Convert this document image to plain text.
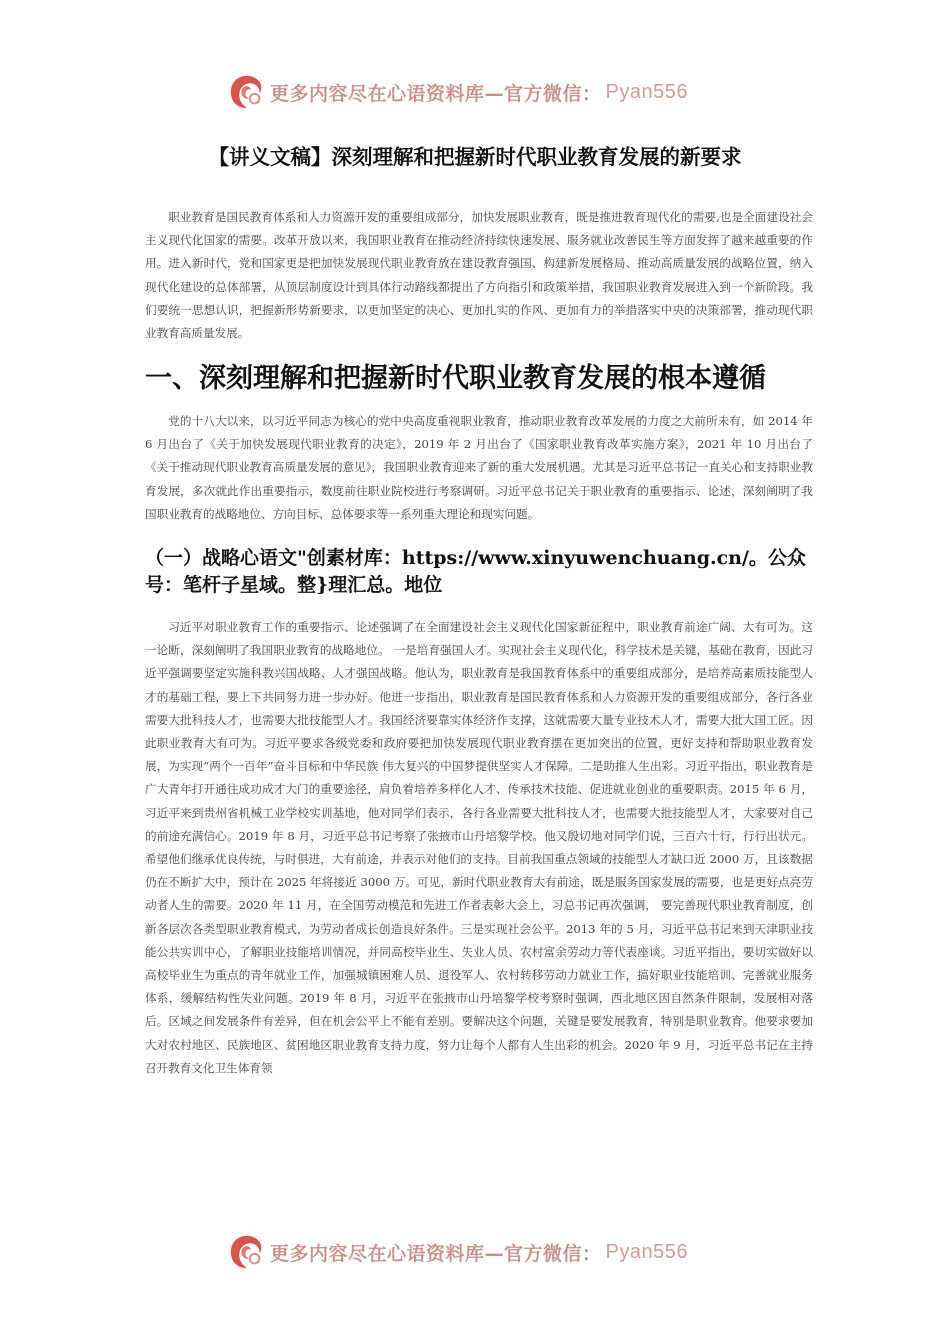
更多内容尽在心语资料库—官方微信： Pyan556
【讲义文稿】深刻理解和把握新时代职业教育发展的新要求

职业教育是国民教育体系和人力资源开发的重要组成部分，加快发展职业教育，既是推进教育现代化的需要,也是全面建设社会主义现代化国家的需要。改革开放以来，我国职业教育在推动经济持续快速发展、服务就业改善民生等方面发挥了越来越重要的作用。进入新时代，党和国家更是把加快发展现代职业教育放在建设教育强国、构建新发展格局、推动高质量发展的战略位置，纳入现代化建设的总体部署，从顶层制度设计到具体行动路线都提出了方向指引和政策举措，我国职业教育发展进入到一个新阶段。我们要统一思想认识，把握新形势新要求，以更加坚定的决心、更加扎实的作风、更加有力的举措落实中央的决策部署，推动现代职业教育高质量发展。

一、深刻理解和把握新时代职业教育发展的根本遵循

党的十八大以来，以习近平同志为核心的党中央高度重视职业教育，推动职业教育改革发展的力度之大前所未有，如 2014 年 6 月出台了《关于加快发展现代职业教育的决定》，2019 年 2 月出台了《国家职业教育改革实施方案》，2021 年 10 月出台了《关于推动现代职业教育高质量发展的意见》，我国职业教育迎来了新的重大发展机遇。尤其是习近平总书记一直关心和支持职业教育发展，多次就此作出重要指示，数度前往职业院校进行考察调研。习近平总书记关于职业教育的重要指示、论述，深刻阐明了我国职业教育的战略地位、方向目标、总体要求等一系列重大理论和现实问题。

（一）战略心语文"创素材库：https://www.xinyuwenchuang.cn/。公众号：笔杆子星域。整}理汇总。地位

习近平对职业教育工作的重要指示、论述强调了在全面建设社会主义现代化国家新征程中，职业教育前途广阔、大有可为。这一论断，深刻阐明了我国职业教育的战略地位。 一是培育强国人才。实现社会主义现代化，科学技术是关键，基础在教育，因此习近平强调要坚定实施科教兴国战略、人才强国战略。他认为，职业教育是我国教育体系中的重要组成部分，是培养高素质技能型人才的基础工程，要上下共同努力进一步办好。他进一步指出，职业教育是国民教育体系和人力资源开发的重要组成部分，各行各业需要大批科技人才，也需要大批技能型人才。我国经济要靠实体经济作支撑，这就需要大量专业技术人才，需要大批大国工匠。因此职业教育大有可为。习近平要求各级党委和政府要把加快发展现代职业教育摆在更加突出的位置，更好支持和帮助职业教育发展，为实现“两个一百年”奋斗目标和中华民族 伟大复兴的中国梦提供坚实人才保障。二是助推人生出彩。习近平指出，职业教育是广大青年打开通往成功成才大门的重要途径，肩负着培养多样化人才、传承技术技能、促进就业创业的重要职责。2015 年 6 月，习近平来到贵州省机械工业学校实训基地，他对同学们表示，各行各业需要大批科技人才，也需要大批技能型人才，大家要对自己的前途充满信心。2019 年 8 月，习近平总书记考察了张掖市山丹培黎学校。他又殷切地对同学们说，三百六十行，行行出状元。希望他们继承优良传统，与时俱进，大有前途，并表示对他们的支持。目前我国重点领域的技能型人才缺口近 2000 万，且该数据仍在不断扩大中，预计在 2025 年将接近 3000 万。可见，新时代职业教育大有前途，既是服务国家发展的需要，也是更好点亮劳动者人生的需要。2020 年 11 月，在全国劳动模范和先进工作者表彰大会上，习总书记再次强调， 要完善现代职业教育制度，创新各层次各类型职业教育模式，为劳动者成长创造良好条件。三是实现社会公平。2013 年的 5 月，习近平总书记来到天津职业技能公共实训中心，了解职业技能培训情况，并同高校毕业生、失业人员、农村富余劳动力等代表座谈。习近平指出，要切实做好以高校毕业生为重点的青年就业工作，加强城镇困难人员、退役军人、农村转移劳动力就业工作，搞好职业技能培训、完善就业服务体系，缓解结构性失业问题。2019 年 8 月，习近平在张掖市山丹培黎学校考察时强调，西北地区因自然条件限制，发展相对落后。区域之间发展条件有差异，但在机会公平上不能有差别。要解决这个问题，关键是要发展教育，特别是职业教育。他要求要加大对农村地区、民族地区、贫困地区职业教育支持力度，努力让每个人都有人生出彩的机会。2020 年 9 月，习近平总书记在主持召开教育文化卫生体育领

更多内容尽在心语资料库—官方微信： Pyan556
